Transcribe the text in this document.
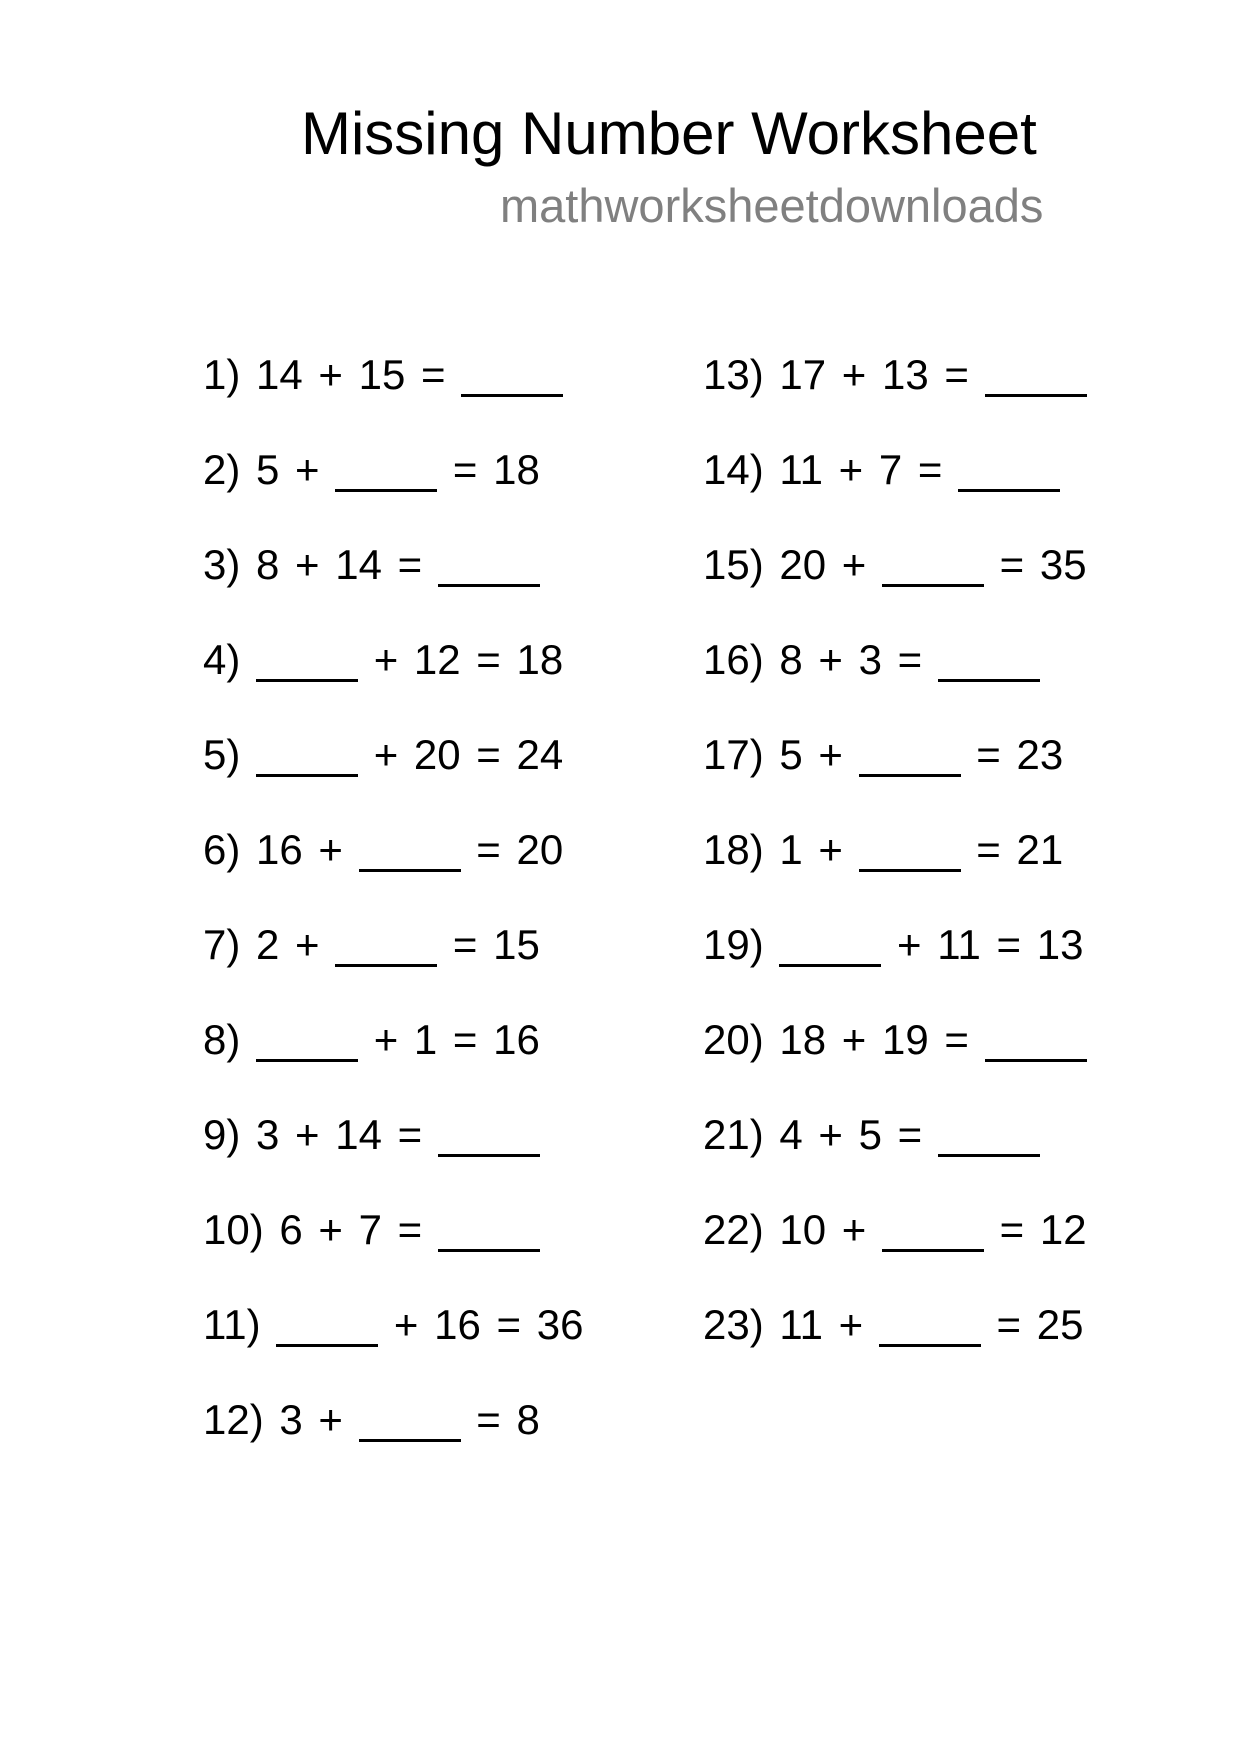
Missing Number Worksheet
mathworksheetdownloads
1) 14 + 15 =
2) 5 +  = 18
3) 8 + 14 =
4)	+ 12 = 18
5)	+ 20 = 24
6) 16 +  = 20
7) 2 +  = 15
8)	+ 1 = 16
9) 3 + 14 =
10) 6 + 7 =
11)	+ 16 = 36
12) 3 +  = 8
13) 17 + 13 =
14) 11 + 7 =
15) 20 +  = 35
16) 8 + 3 =
17) 5 +  = 23
18) 1 +  = 21
19)	+ 11 = 13
20) 18 + 19 =
21) 4 + 5 =
22) 10 +  = 12
23) 11 +  = 25
